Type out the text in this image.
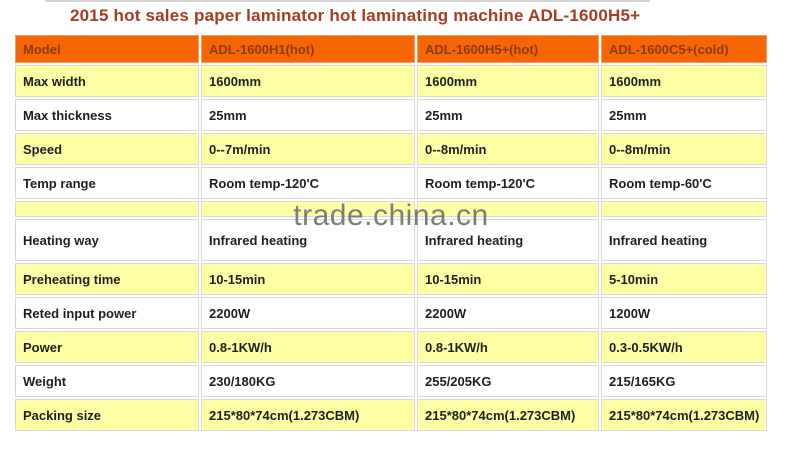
2015 hot sales paper laminator hot laminating machine ADL-1600H5+
Model	ADL-1600H1(hot)	ADL-1600H5+(hot)	ADL-1600C5+(cold)
Max width	1600mm	1600mm	1600mm
Max thickness	25mm	25mm	25mm
Speed	0--7m/min	0--8m/min	0--8m/min
Temp range	Room temp-120'C	Room temp-120'C	Room temp-60'C

Heating way	Infrared heating	Infrared heating	Infrared heating
Preheating time	10-15min	10-15min	5-10min
Reted input power	2200W	2200W	1200W
Power	0.8-1KW/h	0.8-1KW/h	0.3-0.5KW/h
Weight	230/180KG	255/205KG	215/165KG
Packing size	215*80*74cm(1.273CBM)	215*80*74cm(1.273CBM)	215*80*74cm(1.273CBM)
trade.china.cn
